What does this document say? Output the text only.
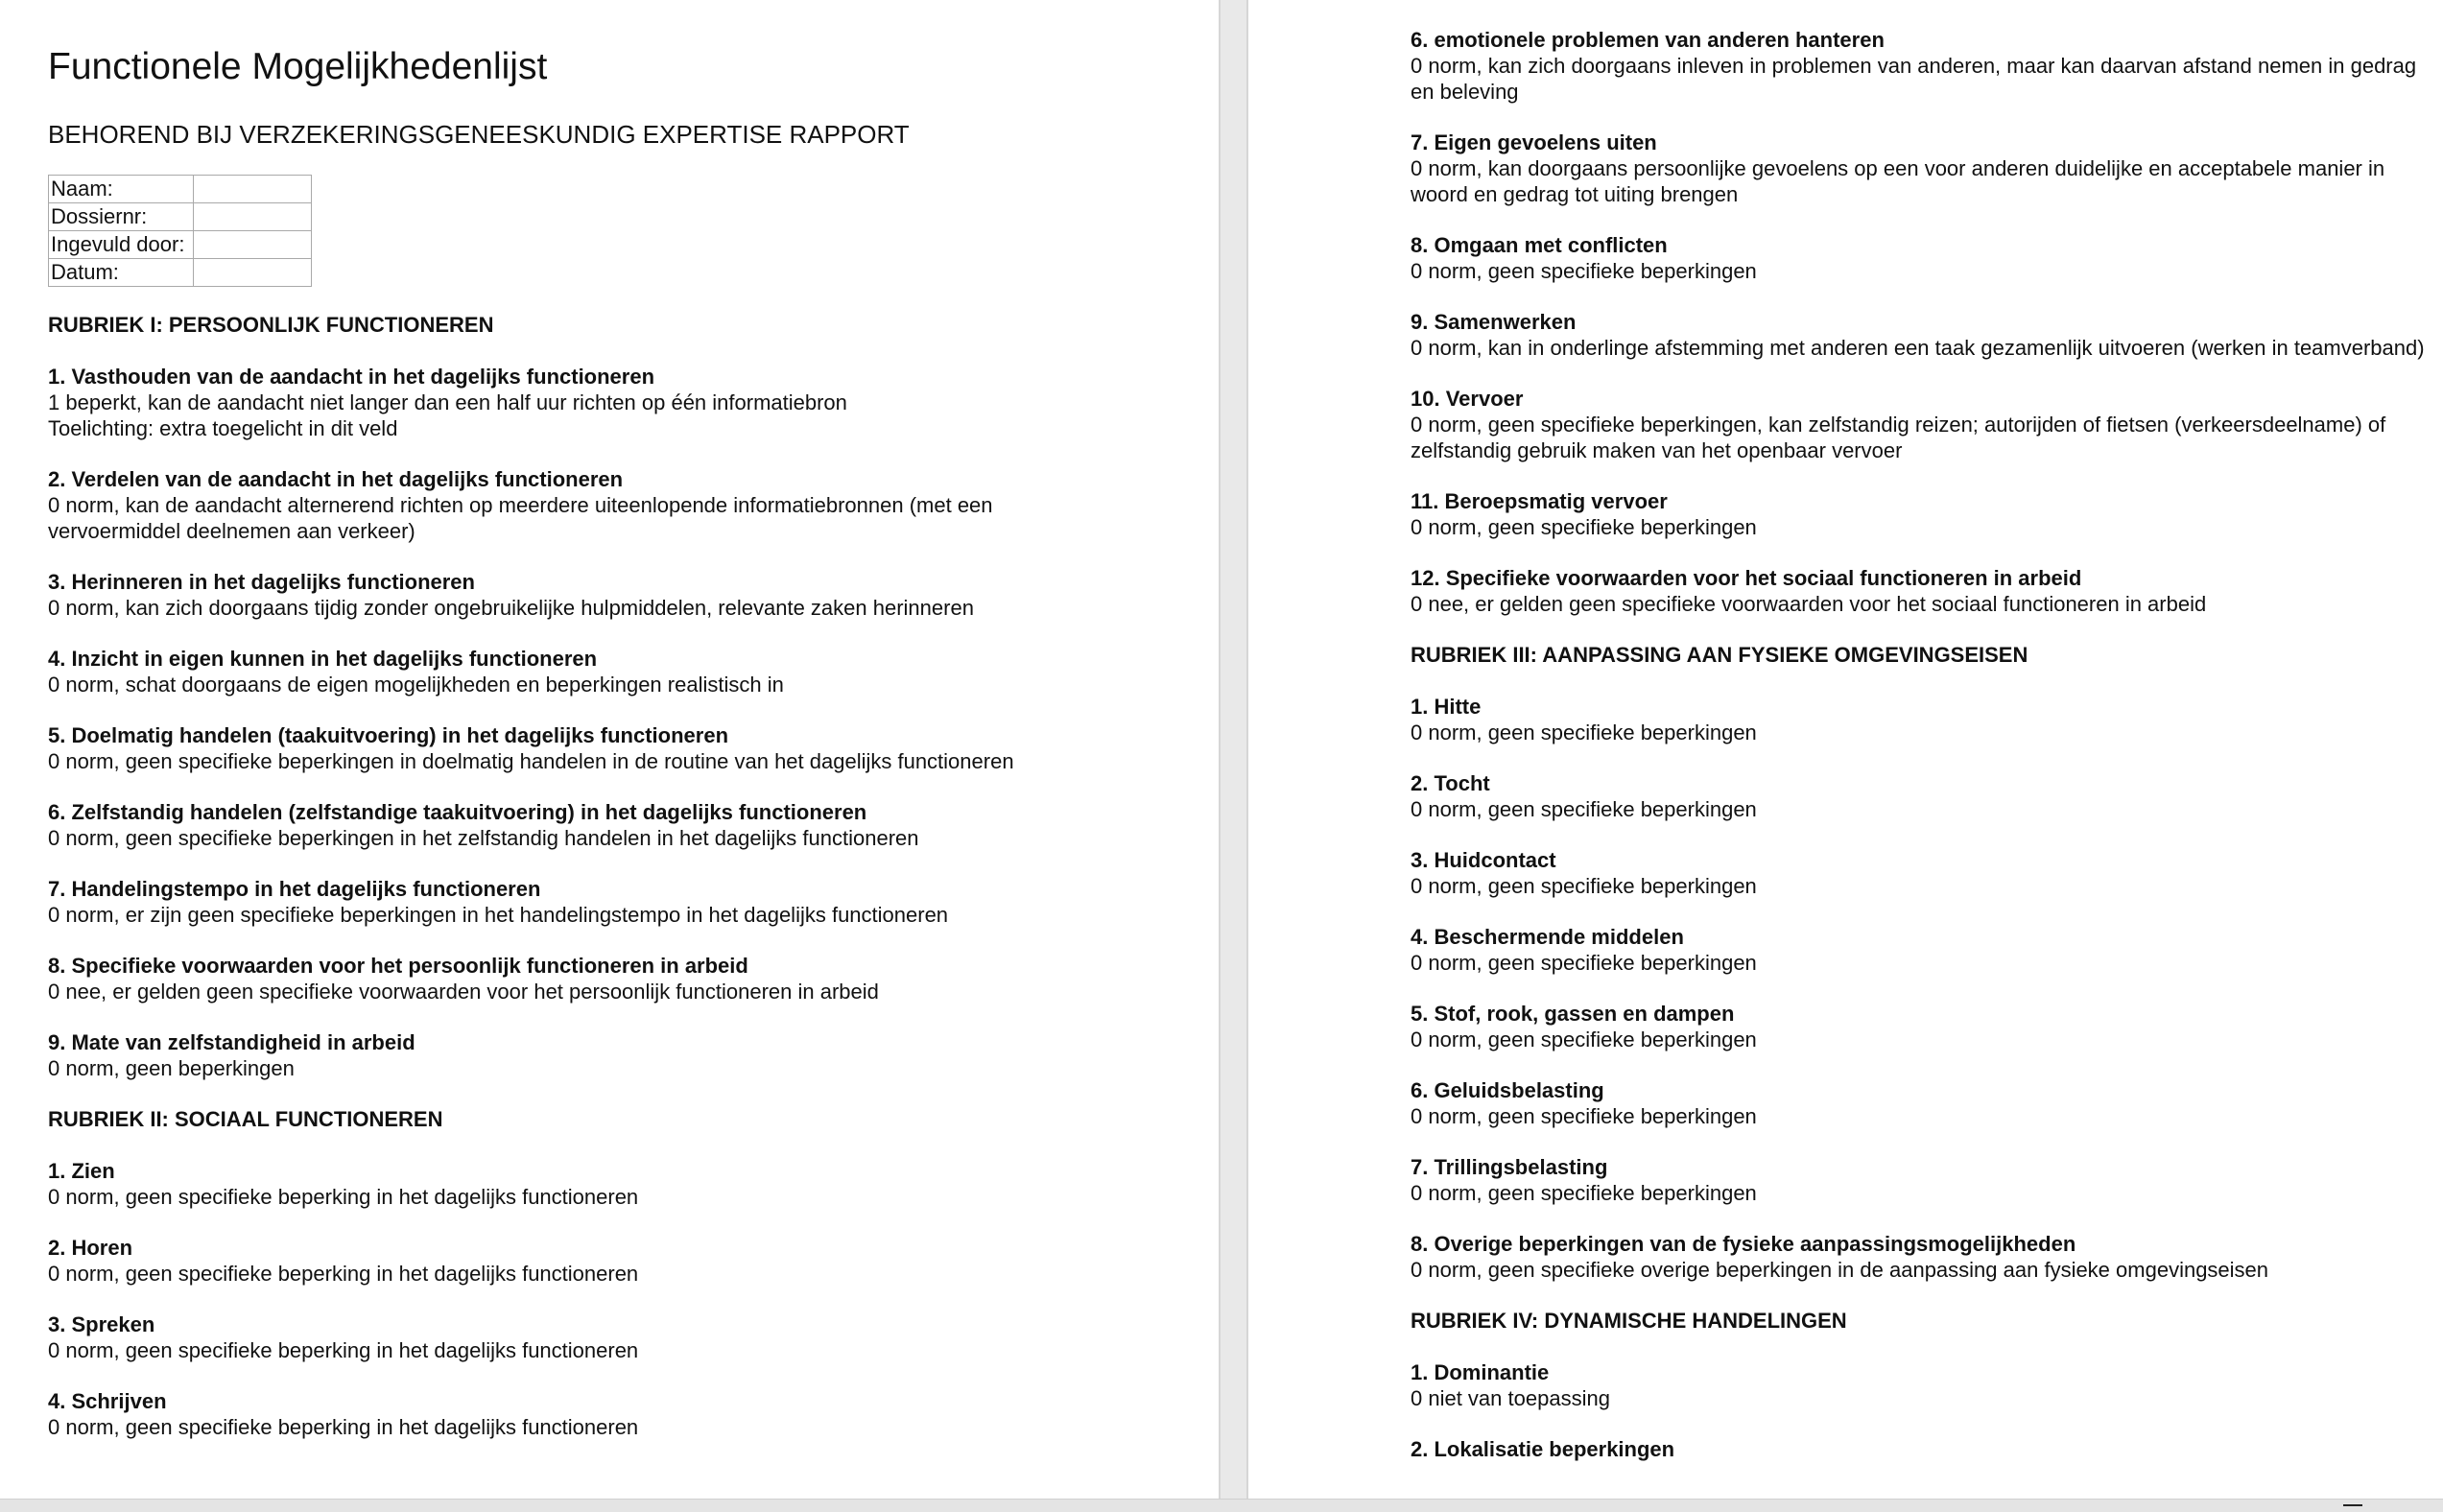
Functionele Mogelijkhedenlijst
BEHOREND BIJ VERZEKERINGSGENEESKUNDIG EXPERTISE RAPPORT
Naam:	
Dossiernr:	
Ingevuld door:	
Datum:	
RUBRIEK I: PERSOONLIJK FUNCTIONEREN
1. Vasthouden van de aandacht in het dagelijks functioneren
1 beperkt, kan de aandacht niet langer dan een half uur richten op één informatiebron
Toelichting: extra toegelicht in dit veld
2. Verdelen van de aandacht in het dagelijks functioneren
0 norm, kan de aandacht alternerend richten op meerdere uiteenlopende informatiebronnen (met een vervoermiddel deelnemen aan verkeer)
3. Herinneren in het dagelijks functioneren
0 norm, kan zich doorgaans tijdig zonder ongebruikelijke hulpmiddelen, relevante zaken herinneren
4. Inzicht in eigen kunnen in het dagelijks functioneren
0 norm, schat doorgaans de eigen mogelijkheden en beperkingen realistisch in
5. Doelmatig handelen (taakuitvoering) in het dagelijks functioneren
0 norm, geen specifieke beperkingen in doelmatig handelen in de routine van het dagelijks functioneren
6. Zelfstandig handelen (zelfstandige taakuitvoering) in het dagelijks functioneren
0 norm, geen specifieke beperkingen in het zelfstandig handelen in het dagelijks functioneren
7. Handelingstempo in het dagelijks functioneren
0 norm, er zijn geen specifieke beperkingen in het handelingstempo in het dagelijks functioneren
8. Specifieke voorwaarden voor het persoonlijk functioneren in arbeid
0 nee, er gelden geen specifieke voorwaarden voor het persoonlijk functioneren in arbeid
9. Mate van zelfstandigheid in arbeid
0 norm, geen beperkingen
RUBRIEK II: SOCIAAL FUNCTIONEREN
1. Zien
0 norm, geen specifieke beperking in het dagelijks functioneren
2. Horen
0 norm, geen specifieke beperking in het dagelijks functioneren
3. Spreken
0 norm, geen specifieke beperking in het dagelijks functioneren
4. Schrijven
0 norm, geen specifieke beperking in het dagelijks functioneren
6. emotionele problemen van anderen hanteren
0 norm, kan zich doorgaans inleven in problemen van anderen, maar kan daarvan afstand nemen in gedrag en beleving
7. Eigen gevoelens uiten
0 norm, kan doorgaans persoonlijke gevoelens op een voor anderen duidelijke en acceptabele manier in woord en gedrag tot uiting brengen
8. Omgaan met conflicten
0 norm, geen specifieke beperkingen
9. Samenwerken
0 norm, kan in onderlinge afstemming met anderen een taak gezamenlijk uitvoeren (werken in teamverband)
10. Vervoer
0 norm, geen specifieke beperkingen, kan zelfstandig reizen; autorijden of fietsen (verkeersdeelname) of zelfstandig gebruik maken van het openbaar vervoer
11. Beroepsmatig vervoer
0 norm, geen specifieke beperkingen
12. Specifieke voorwaarden voor het sociaal functioneren in arbeid
0 nee, er gelden geen specifieke voorwaarden voor het sociaal functioneren in arbeid
RUBRIEK III: AANPASSING AAN FYSIEKE OMGEVINGSEISEN
1. Hitte
0 norm, geen specifieke beperkingen
2. Tocht
0 norm, geen specifieke beperkingen
3. Huidcontact
0 norm, geen specifieke beperkingen
4. Beschermende middelen
0 norm, geen specifieke beperkingen
5. Stof, rook, gassen en dampen
0 norm, geen specifieke beperkingen
6. Geluidsbelasting
0 norm, geen specifieke beperkingen
7. Trillingsbelasting
0 norm, geen specifieke beperkingen
8. Overige beperkingen van de fysieke aanpassingsmogelijkheden
0 norm, geen specifieke overige beperkingen in de aanpassing aan fysieke omgevingseisen
RUBRIEK IV: DYNAMISCHE HANDELINGEN
1. Dominantie
0 niet van toepassing
2. Lokalisatie beperkingen
